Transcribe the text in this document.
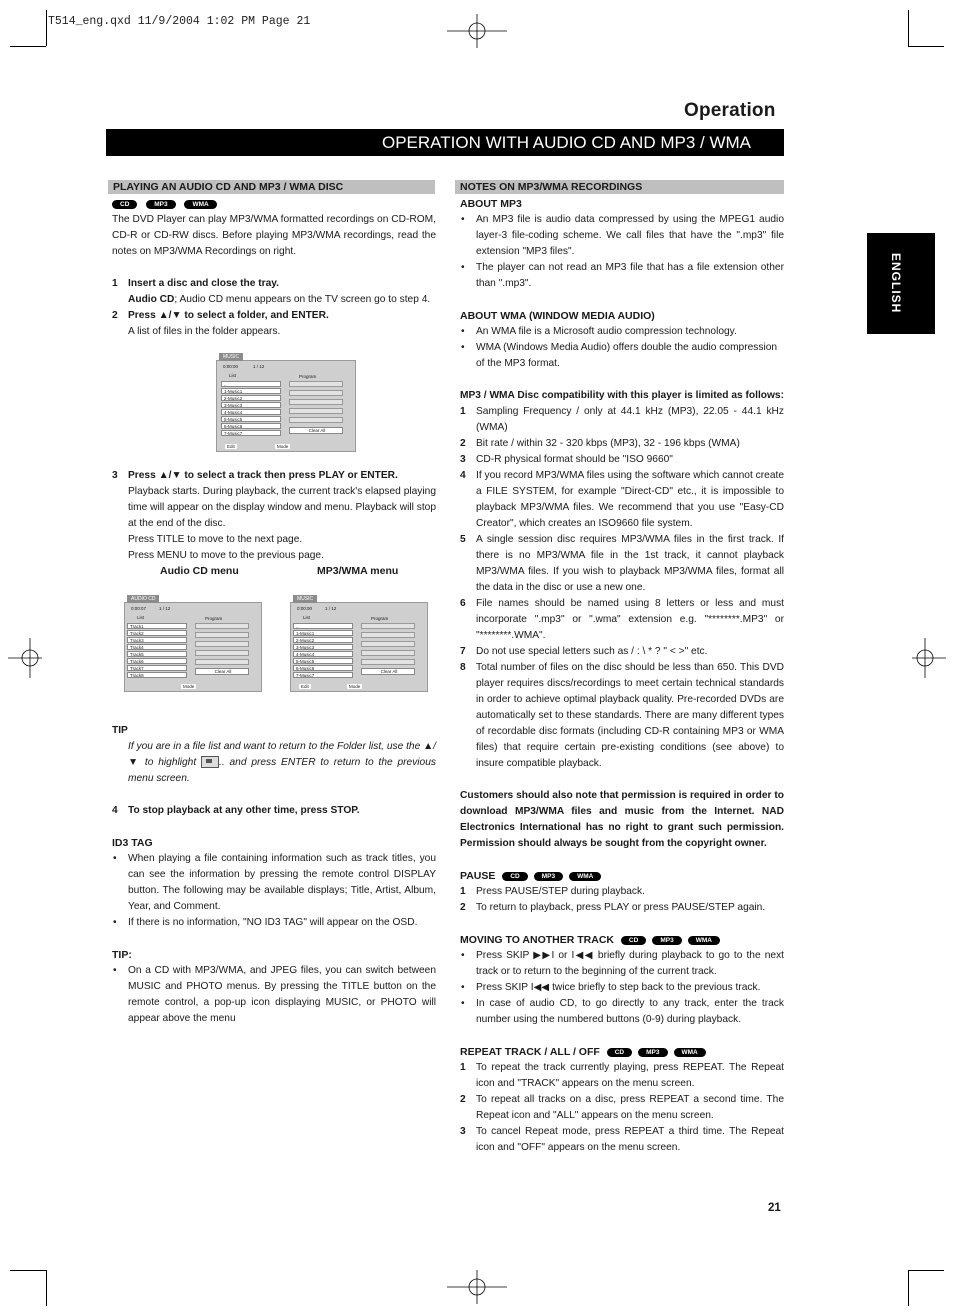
T514_eng.qxd 11/9/2004 1:02 PM Page 21
Operation
OPERATION WITH AUDIO CD AND MP3 / WMA DISC
ENGLISH
PLAYING AN AUDIO CD AND MP3 / WMA DISC
CD	MP3	WMA

The DVD Player can play MP3/WMA formatted recordings on CD-ROM, CD-R or CD-RW discs. Before playing MP3/WMA recordings, read the notes on MP3/WMA Recordings on right.

1 Insert a disc and close the tray.

Audio CD; Audio CD menu appears on the TV screen go to step 4.

2 Press ▲/▼ to select a folder, and ENTER.

A list of files in the folder appears.

MUSIC
0:00:00	1 / 12
List	Program
..
1-Music1
2-Music2
3-Music3
4-Music4
5-Music5
6-Music6
7-Music7
Clear All
Edit	Mode
3 Press ▲/▼ to select a track then press PLAY or ENTER.

Playback starts. During playback, the current track's elapsed playing time will appear on the display window and menu. Playback will stop at the end of the disc.

Press TITLE to move to the next page.

Press MENU to move to the previous page.

Audio CD menu	MP3/WMA menu
AUDIO CD
0:00:07	1 / 12
List	Program
Track1
Track2
Track3
Track4
Track5
Track6
Track7
Track8
Clear All
Mode
MUSIC
0:00:00	1 / 12
List	Program
..
1-Music1
2-Music2
3-Music3
4-Music4
5-Music5
6-Music6
7-Music7
Clear All
Edit	Mode

TIP

If you are in a file list and want to return to the Folder list, use the ▲/▼ to highlight .. and press ENTER to return to the previous menu screen.

4 To stop playback at any other time, press STOP.

ID3 TAG

• When playing a file containing information such as track titles, you can see the information by pressing the remote control DISPLAY button. The following may be available displays; Title, Artist, Album, Year, and Comment.
• If there is no information, "NO ID3 TAG" will appear on the OSD.

TIP:

• On a CD with MP3/WMA, and JPEG files, you can switch between MUSIC and PHOTO menus. By pressing the TITLE button on the remote control, a pop-up icon displaying MUSIC, or PHOTO will appear above the menu
NOTES ON MP3/WMA RECORDINGS

ABOUT MP3

• An MP3 file is audio data compressed by using the MPEG1 audio layer-3 file-coding scheme. We call files that have the ".mp3" file extension "MP3 files".
• The player can not read an MP3 file that has a file extension other than ".mp3".

ABOUT WMA (WINDOW MEDIA AUDIO)

• An WMA file is a Microsoft audio compression technology.
• WMA (Windows Media Audio) offers double the audio compression of the MP3 format.

MP3 / WMA Disc compatibility with this player is limited as follows:

1 Sampling Frequency / only at 44.1 kHz (MP3), 22.05 - 44.1 kHz (WMA)
2 Bit rate / within 32 - 320 kbps (MP3), 32 - 196 kbps (WMA)
3 CD-R physical format should be "ISO 9660"
4 If you record MP3/WMA files using the software which cannot create a FILE SYSTEM, for example "Direct-CD" etc., it is impossible to playback MP3/WMA files. We recommend that you use "Easy-CD Creator", which creates an ISO9660 file system.
5 A single session disc requires MP3/WMA files in the first track. If there is no MP3/WMA file in the 1st track, it cannot playback MP3/WMA files. If you wish to playback MP3/WMA files, format all the data in the disc or use a new one.
6 File names should be named using 8 letters or less and must incorporate ".mp3" or ".wma" extension e.g. "********.MP3" or "********.WMA".
7 Do not use special letters such as / : \ * ? " < >" etc.
8 Total number of files on the disc should be less than 650. This DVD player requires discs/recordings to meet certain technical standards in order to achieve optimal playback quality. Pre-recorded DVDs are automatically set to these standards. There are many different types of recordable disc formats (including CD-R containing MP3 or WMA files) that require certain pre-existing conditions (see above) to insure compatible playback.

Customers should also note that permission is required in order to download MP3/WMA files and music from the Internet. NAD Electronics International has no right to grant such permission. Permission should always be sought from the copyright owner.

PAUSE CD	MP3	WMA

1 Press PAUSE/STEP during playback.
2 To return to playback, press PLAY or press PAUSE/STEP again.

MOVING TO ANOTHER TRACK CD	MP3	WMA

• Press SKIP ▶▶I or I◀◀ briefly during playback to go to the next track or to return to the beginning of the current track.
• Press SKIP I◀◀ twice briefly to step back to the previous track.
• In case of audio CD, to go directly to any track, enter the track number using the numbered buttons (0-9) during playback.

REPEAT TRACK / ALL / OFF CD	MP3	WMA

1 To repeat the track currently playing, press REPEAT. The Repeat icon and "TRACK" appears on the menu screen.
2 To repeat all tracks on a disc, press REPEAT a second time. The Repeat icon and "ALL" appears on the menu screen.
3 To cancel Repeat mode, press REPEAT a third time. The Repeat icon and "OFF" appears on the menu screen.
21
